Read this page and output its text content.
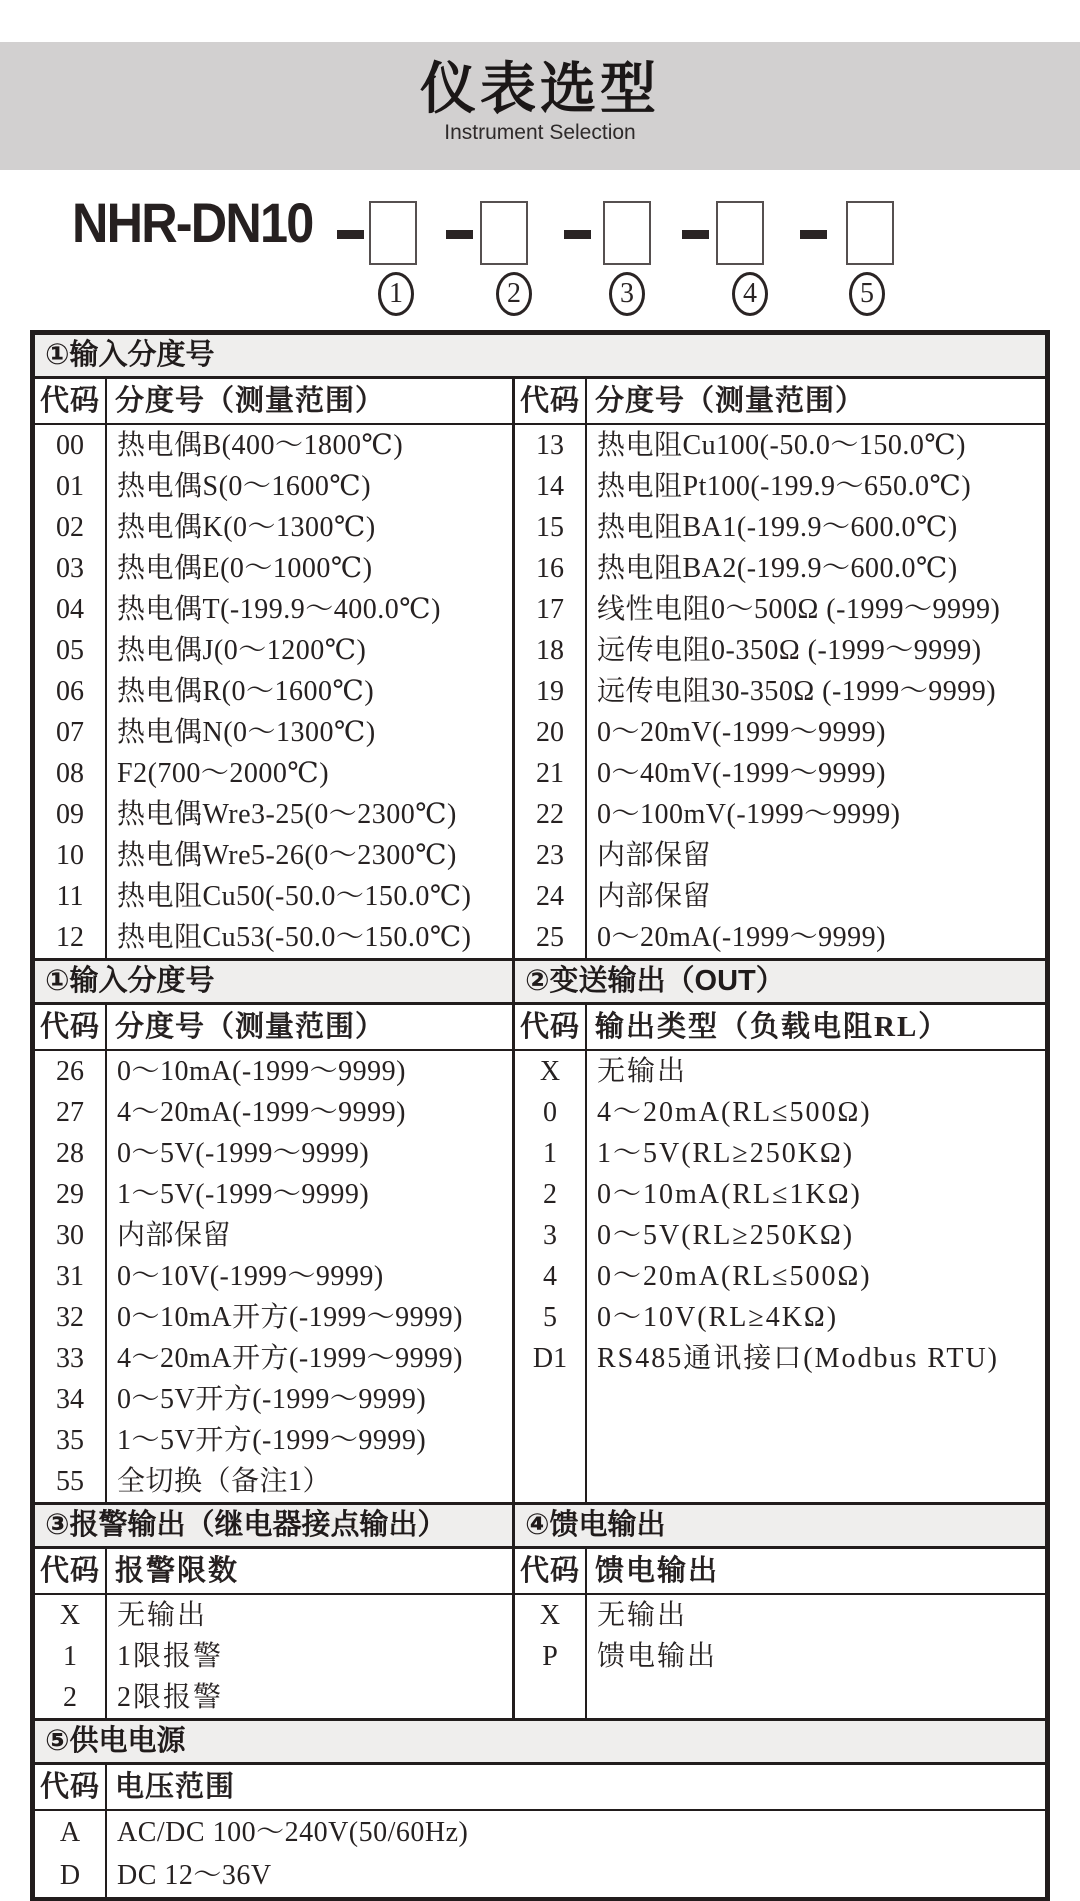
仪表选型
Instrument Selection
NHR-DN10
1	2	3	4	5
①输入分度号
代码 分度号（测量范围）
00	热电偶B(400～1800℃)
01	热电偶S(0～1600℃)
02	热电偶K(0～1300℃)
03	热电偶E(0～1000℃)
04	热电偶T(-199.9～400.0℃)
05	热电偶J(0～1200℃)
06	热电偶R(0～1600℃)
07	热电偶N(0～1300℃)
08	F2(700～2000℃)
09	热电偶Wre3-25(0～2300℃)
10	热电偶Wre5-26(0～2300℃)
11	热电阻Cu50(-50.0～150.0℃)
12	热电阻Cu53(-50.0～150.0℃)
代码 分度号（测量范围）
13	热电阻Cu100(-50.0～150.0℃)
14	热电阻Pt100(-199.9～650.0℃)
15	热电阻BA1(-199.9～600.0℃)
16	热电阻BA2(-199.9～600.0℃)
17	线性电阻0～500Ω (-1999～9999)
18	远传电阻0-350Ω (-1999～9999)
19	远传电阻30-350Ω (-1999～9999)
20	0～20mV(-1999～9999)
21	0～40mV(-1999～9999)
22	0～100mV(-1999～9999)
23	内部保留
24	内部保留
25	0～20mA(-1999～9999)
①输入分度号	②变送输出（OUT）
代码 分度号（测量范围）
26	0～10mA(-1999～9999)
27	4～20mA(-1999～9999)
28	0～5V(-1999～9999)
29	1～5V(-1999～9999)
30	内部保留
31	0～10V(-1999～9999)
32	0～10mA开方(-1999～9999)
33	4～20mA开方(-1999～9999)
34	0～5V开方(-1999～9999)
35	1～5V开方(-1999～9999)
55	全切换（备注1）
代码 输出类型（负载电阻RL）
X	无输出
0	4～20mA(RL≤500Ω)
1	1～5V(RL≥250KΩ)
2	0～10mA(RL≤1KΩ)
3	0～5V(RL≥250KΩ)
4	0～20mA(RL≤500Ω)
5	0～10V(RL≥4KΩ)
D1	RS485通讯接口(Modbus RTU)
③报警输出（继电器接点输出）	④馈电输出
代码 报警限数
X	无输出
1	1限报警
2	2限报警
代码 馈电输出
X	无输出
P	馈电输出
⑤供电电源
代码 电压范围
A	AC/DC 100～240V(50/60Hz)
D	DC 12～36V
